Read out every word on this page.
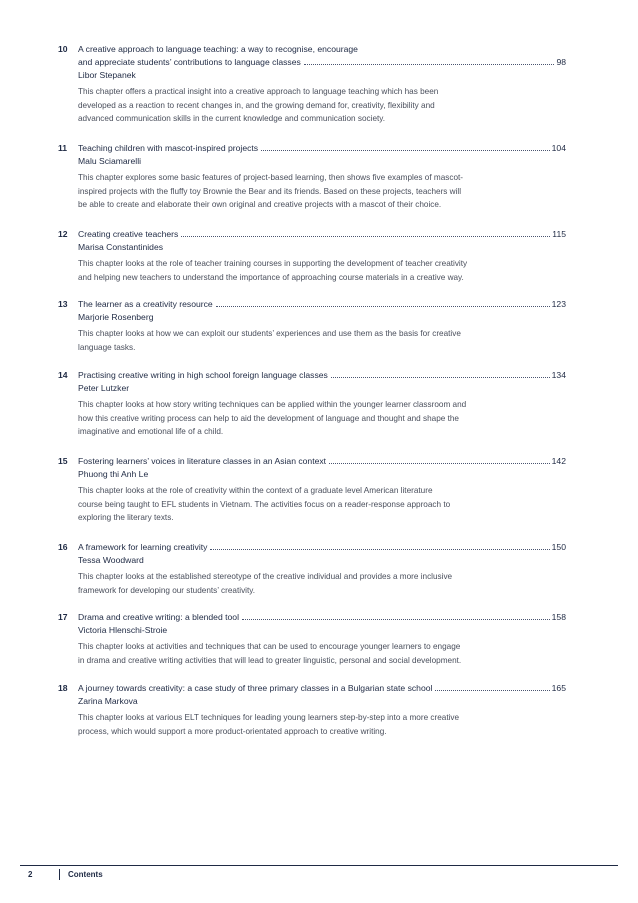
10	A creative approach to language teaching: a way to recognise, encourage
and appreciate students’ contributions to language classes	98
Libor Stepanek
This chapter offers a practical insight into a creative approach to language teaching which has been
developed as a reaction to recent changes in, and the growing demand for, creativity, flexibility and
advanced communication skills in the current knowledge and communication society.
11	Teaching children with mascot-inspired projects	104
Malu Sciamarelli
This chapter explores some basic features of project-based learning, then shows five examples of mascot-
inspired projects with the fluffy toy Brownie the Bear and its friends. Based on these projects, teachers will
be able to create and elaborate their own original and creative projects with a mascot of their choice.
12	Creating creative teachers	115
Marisa Constantinides
This chapter looks at the role of teacher training courses in supporting the development of teacher creativity
and helping new teachers to understand the importance of approaching course materials in a creative way.
13	The learner as a creativity resource	123
Marjorie Rosenberg
This chapter looks at how we can exploit our students’ experiences and use them as the basis for creative
language tasks.
14	Practising creative writing in high school foreign language classes	134
Peter Lutzker
This chapter looks at how story writing techniques can be applied within the younger learner classroom and
how this creative writing process can help to aid the development of language and thought and shape the
imaginative and emotional life of a child.
15	Fostering learners’ voices in literature classes in an Asian context	142
Phuong thi Anh Le
This chapter looks at the role of creativity within the context of a graduate level American literature
course being taught to EFL students in Vietnam. The activities focus on a reader-response approach to
exploring the literary texts.
16	A framework for learning creativity	150
Tessa Woodward
This chapter looks at the established stereotype of the creative individual and provides a more inclusive
framework for developing our students’ creativity.
17	Drama and creative writing: a blended tool	158
Victoria Hlenschi-Stroie
This chapter looks at activities and techniques that can be used to encourage younger learners to engage
in drama and creative writing activities that will lead to greater linguistic, personal and social development.
18	A journey towards creativity: a case study of three primary classes in a Bulgarian state school	165
Zarina Markova
This chapter looks at various ELT techniques for leading young learners step-by-step into a more creative
process, which would support a more product-orientated approach to creative writing.
2	Contents
